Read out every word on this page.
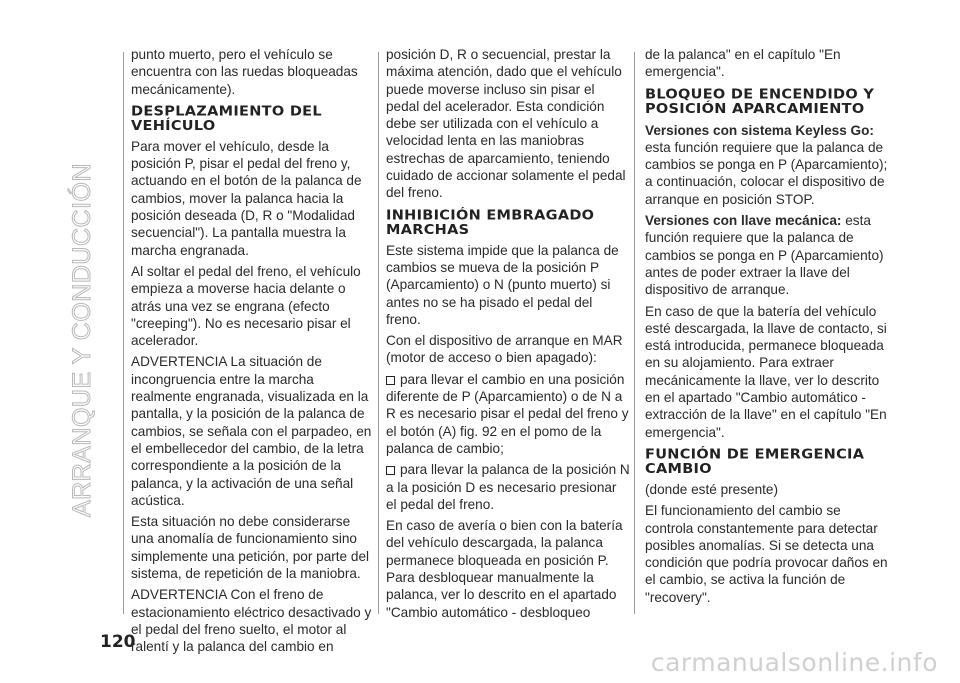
ARRANQUE Y CONDUCCIÓN

punto muerto, pero el vehículo se encuentra con las ruedas bloqueadas mecánicamente).

DESPLAZAMIENTO DEL VEHÍCULO

Para mover el vehículo, desde la posición P, pisar el pedal del freno y, actuando en el botón de la palanca de cambios, mover la palanca hacia la posición deseada (D, R o "Modalidad secuencial"). La pantalla muestra la marcha engranada.

Al soltar el pedal del freno, el vehículo empieza a moverse hacia delante o atrás una vez se engrana (efecto "creeping"). No es necesario pisar el acelerador.

ADVERTENCIA La situación de incongruencia entre la marcha realmente engranada, visualizada en la pantalla, y la posición de la palanca de cambios, se señala con el parpadeo, en el embellecedor del cambio, de la letra correspondiente a la posición de la palanca, y la activación de una señal acústica.

Esta situación no debe considerarse una anomalía de funcionamiento sino simplemente una petición, por parte del sistema, de repetición de la maniobra.

ADVERTENCIA Con el freno de estacionamiento eléctrico desactivado y el pedal del freno suelto, el motor al ralentí y la palanca del cambio en

posición D, R o secuencial, prestar la máxima atención, dado que el vehículo puede moverse incluso sin pisar el pedal del acelerador. Esta condición debe ser utilizada con el vehículo a velocidad lenta en las maniobras estrechas de aparcamiento, teniendo cuidado de accionar solamente el pedal del freno.

INHIBICIÓN EMBRAGADO MARCHAS

Este sistema impide que la palanca de cambios se mueva de la posición P (Aparcamiento) o N (punto muerto) si antes no se ha pisado el pedal del freno.

Con el dispositivo de arranque en MAR (motor de acceso o bien apagado):

para llevar el cambio en una posición diferente de P (Aparcamiento) o de N a R es necesario pisar el pedal del freno y el botón (A) fig. 92 en el pomo de la palanca de cambio;

para llevar la palanca de la posición N a la posición D es necesario presionar el pedal del freno.

En caso de avería o bien con la batería del vehículo descargada, la palanca permanece bloqueada en posición P. Para desbloquear manualmente la palanca, ver lo descrito en el apartado "Cambio automático - desbloqueo

de la palanca" en el capítulo "En emergencia".

BLOQUEO DE ENCENDIDO Y POSICIÓN APARCAMIENTO

Versiones con sistema Keyless Go: esta función requiere que la palanca de cambios se ponga en P (Aparcamiento); a continuación, colocar el dispositivo de arranque en posición STOP.

Versiones con llave mecánica: esta función requiere que la palanca de cambios se ponga en P (Aparcamiento) antes de poder extraer la llave del dispositivo de arranque.

En caso de que la batería del vehículo esté descargada, la llave de contacto, si está introducida, permanece bloqueada en su alojamiento. Para extraer mecánicamente la llave, ver lo descrito en el apartado "Cambio automático - extracción de la llave" en el capítulo "En emergencia".

FUNCIÓN DE EMERGENCIA CAMBIO

(donde esté presente)

El funcionamiento del cambio se controla constantemente para detectar posibles anomalías. Si se detecta una condición que podría provocar daños en el cambio, se activa la función de "recovery".

120
carmanualsonline.info
